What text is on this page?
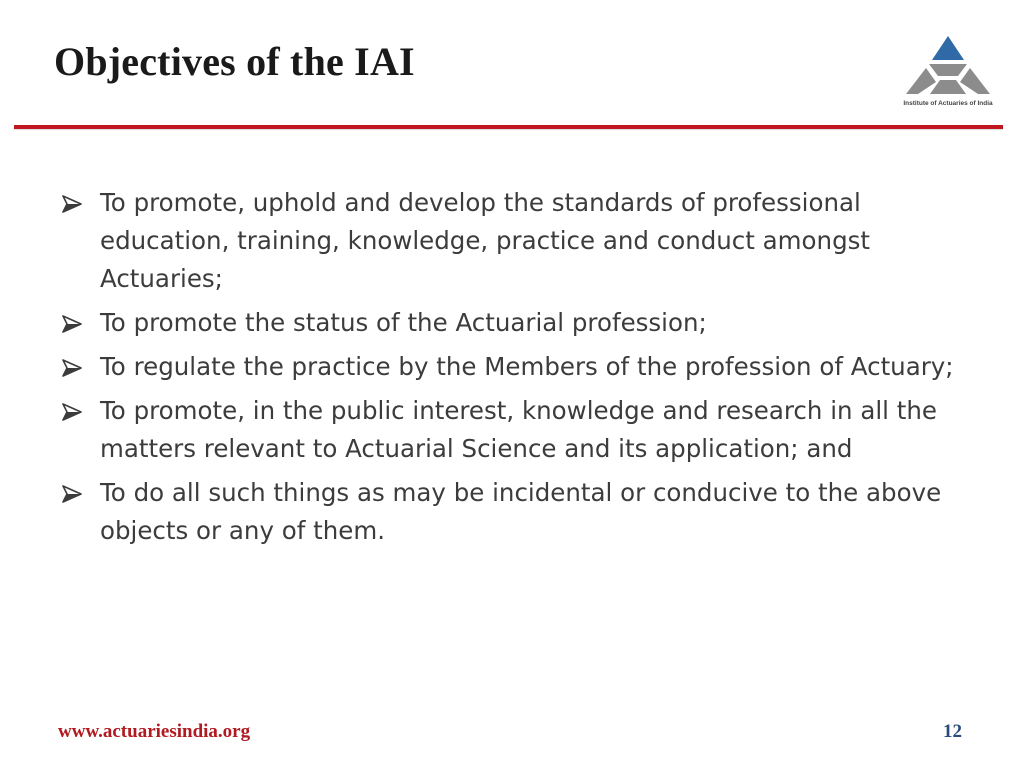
Objectives of the IAI
Institute of Actuaries of India
To promote, uphold and develop the standards of professional education, training, knowledge, practice and conduct amongst Actuaries;
To promote the status of the Actuarial profession;
To regulate the practice by the Members of the profession of Actuary;
To promote, in the public interest, knowledge and research in all the matters relevant to Actuarial Science and its application; and
To do all such things as may be incidental or conducive to the above objects or any of them.
www.actuariesindia.org	12
